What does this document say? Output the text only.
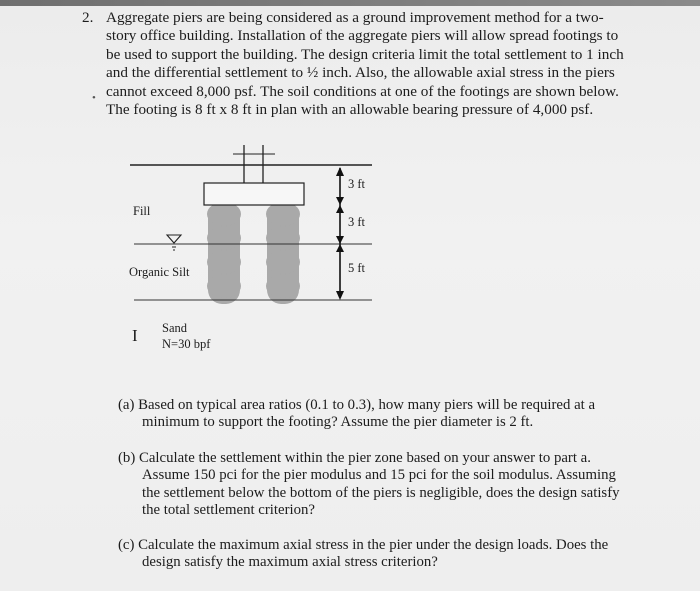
2. Aggregate piers are being considered as a ground improvement method for a two-
story office building. Installation of the aggregate piers will allow spread footings to
be used to support the building. The design criteria limit the total settlement to 1 inch
and the differential settlement to ½ inch. Also, the allowable axial stress in the piers
cannot exceed 8,000 psf. The soil conditions at one of the footings are shown below.
The footing is 8 ft x 8 ft in plan with an allowable bearing pressure of 4,000 psf.
•
Fill
Organic Silt
3 ft
3 ft
5 ft
I Sand
N=30 bpf
(a) Based on typical area ratios (0.1 to 0.3), how many piers will be required at a
minimum to support the footing? Assume the pier diameter is 2 ft.
(b) Calculate the settlement within the pier zone based on your answer to part a.
Assume 150 pci for the pier modulus and 15 pci for the soil modulus. Assuming
the settlement below the bottom of the piers is negligible, does the design satisfy
the total settlement criterion?
(c) Calculate the maximum axial stress in the pier under the design loads. Does the
design satisfy the maximum axial stress criterion?
